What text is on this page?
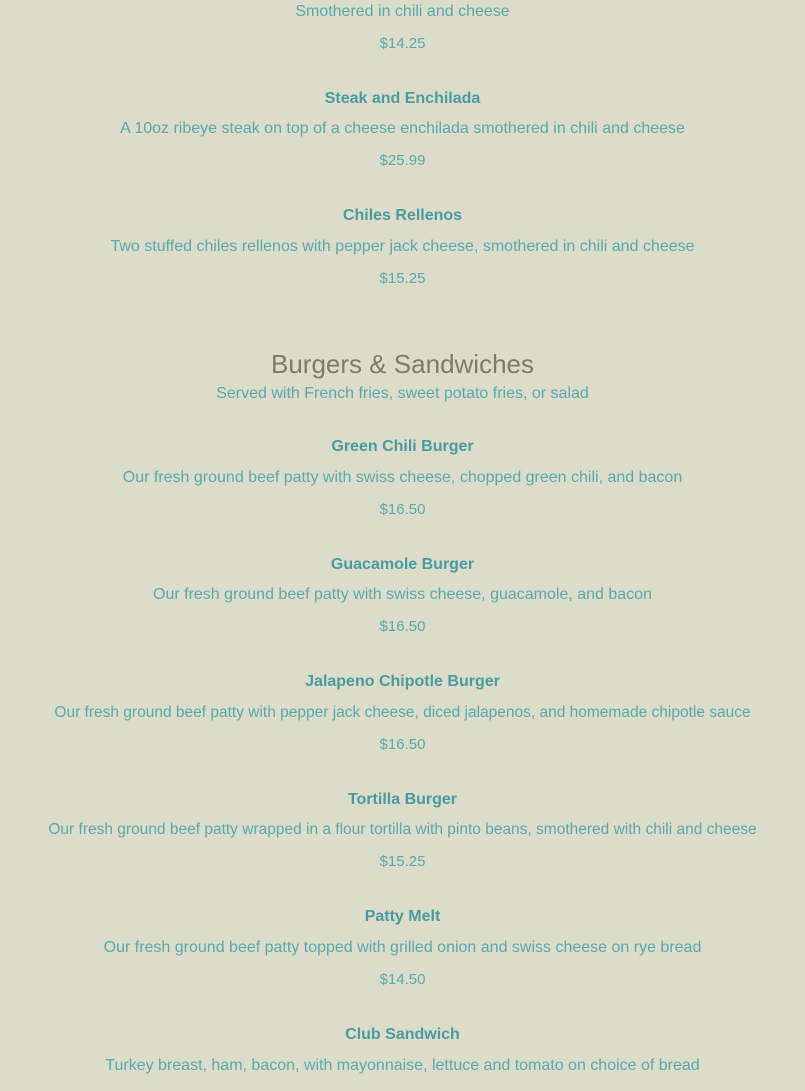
Smothered in chili and cheese
$14.25
Steak and Enchilada
A 10oz ribeye steak on top of a cheese enchilada smothered in chili and cheese
$25.99
Chiles Rellenos
Two stuffed chiles rellenos with pepper jack cheese, smothered in chili and cheese
$15.25
Burgers & Sandwiches
Served with French fries, sweet potato fries, or salad
Green Chili Burger
Our fresh ground beef patty with swiss cheese, chopped green chili, and bacon
$16.50
Guacamole Burger
Our fresh ground beef patty with swiss cheese, guacamole, and bacon
$16.50
Jalapeno Chipotle Burger
Our fresh ground beef patty with pepper jack cheese, diced jalapenos, and homemade chipotle sauce
$16.50
Tortilla Burger
Our fresh ground beef patty wrapped in a flour tortilla with pinto beans, smothered with chili and cheese
$15.25
Patty Melt
Our fresh ground beef patty topped with grilled onion and swiss cheese on rye bread
$14.50
Club Sandwich
Turkey breast, ham, bacon, with mayonnaise, lettuce and tomato on choice of bread
